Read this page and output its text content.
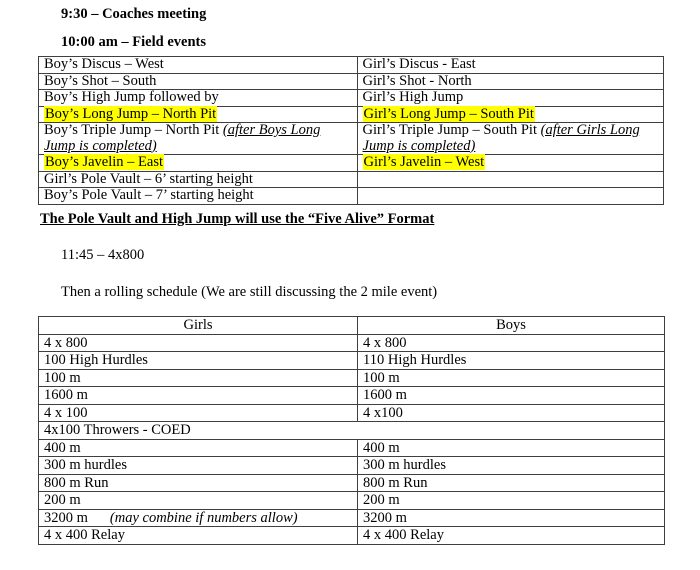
9:30 – Coaches meeting

10:00 am – Field events

Boy’s Discus – West	Girl’s Discus - East
Boy’s Shot – South	Girl’s Shot - North
Boy’s High Jump followed by	Girl’s High Jump
Boy’s Long Jump – North Pit	Girl’s Long Jump – South Pit
Boy’s Triple Jump – North Pit (after Boys Long Jump is completed)	Girl’s Triple Jump – South Pit (after Girls Long Jump is completed)
Boy’s Javelin – East	Girl’s Javelin – West
Girl’s Pole Vault – 6’ starting height	
Boy’s Pole Vault – 7’ starting height	

The Pole Vault and High Jump will use the “Five Alive” Format

11:45 – 4x800

Then a rolling schedule (We are still discussing the 2 mile event)

Girls	Boys
4 x 800	4 x 800
100 High Hurdles	110 High Hurdles
100 m	100 m
1600 m	1600 m
4 x 100	4 x100
4x100 Throwers - COED	
400 m	400 m
300 m hurdles	300 m hurdles
800 m Run	800 m Run
200 m	200 m
3200 m (may combine if numbers allow)	3200 m
4 x 400 Relay	4 x 400 Relay
